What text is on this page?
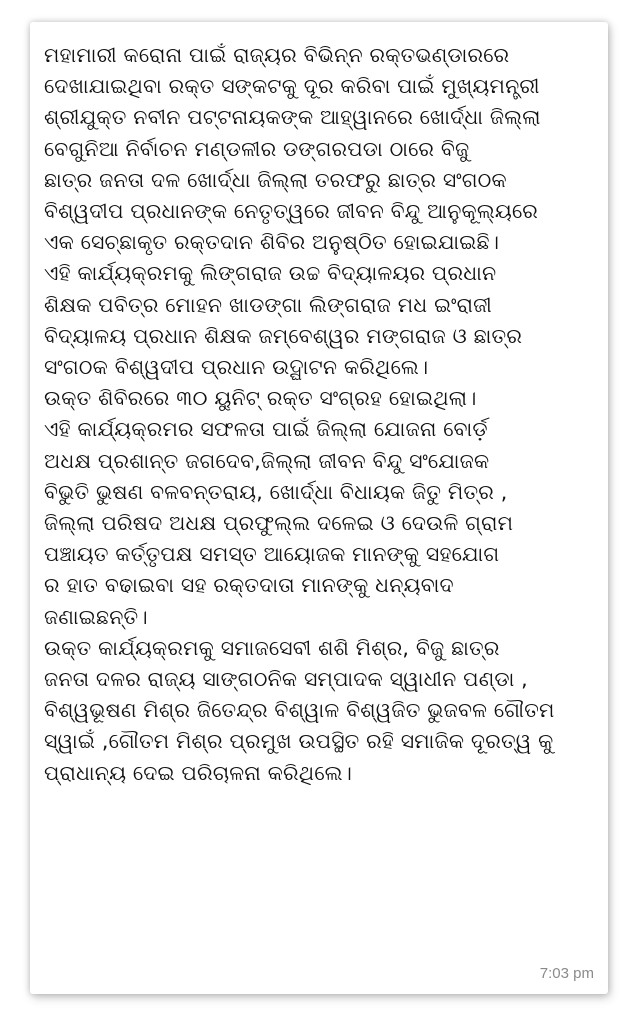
ମହାମାରୀ କରୋନା ପାଇଁ ରାଜ୍ୟର ବିଭିନ୍ନ ରକ୍ତଭଣ୍ଡାରରେ
ଦେଖାଯାଇଥିବା ରକ୍ତ ସଙ୍କଟକୁ ଦୂର କରିବା ପାଇଁ ମୁଖ୍ୟମନ୍ତ୍ରୀ
ଶ୍ରୀଯୁକ୍ତ ନବୀନ ପଟ୍ଟନାୟକଙ୍କ ଆହ୍ୱାନରେ ଖୋର୍ଦ୍ଧା ଜିଲ୍ଲା
ବେଗୁନିଆ ନିର୍ବାଚନ ମଣ୍ଡଳୀର ଡଙ୍ଗରପଡା ଠାରେ ବିଜୁ
ଛାତ୍ର ଜନତା ଦଳ ଖୋର୍ଦ୍ଧା ଜିଲ୍ଲା ତରଫରୁ ଛାତ୍ର ସଂଗଠକ
ବିଶ୍ୱଦୀପ ପ୍ରଧାନଙ୍କ ନେତୃତ୍ୱରେ ଜୀବନ ବିନ୍ଦୁ ଆନୁକୂଲ୍ୟରେ
ଏକ ସେଚ୍ଛାକୃତ ରକ୍ତଦାନ ଶିବିର ଅନୁଷ୍ଠିତ ହୋଇଯାଇଛି।
ଏହି କାର୍ଯ୍ୟକ୍ରମକୁ ଲିଙ୍ଗରାଜ ଉଚ୍ଚ ବିଦ୍ୟାଳୟର ପ୍ରଧାନ
ଶିକ୍ଷକ ପବିତ୍ର ମୋହନ ଖାଡଙ୍ଗା ଲିଙ୍ଗରାଜ ମଧ ଇଂରାଜୀ
ବିଦ୍ୟାଳୟ ପ୍ରଧାନ ଶିକ୍ଷକ ଜମ୍ବେଶ୍ୱର ମଙ୍ଗରାଜ ଓ ଛାତ୍ର
ସଂଗଠକ ବିଶ୍ୱଦୀପ ପ୍ରଧାନ ଉଦ୍ଘାଟନ କରିଥିଲେ।
ଉକ୍ତ ଶିବିରରେ ୩୦ ୟୁନିଟ୍ ରକ୍ତ ସଂଗ୍ରହ ହୋଇଥିଲା।
ଏହି କାର୍ଯ୍ୟକ୍ରମର ସଫଳତା ପାଇଁ ଜିଲ୍ଲା ଯୋଜନା ବୋର୍ଡ଼
ଅଧକ୍ଷ ପ୍ରଶାନ୍ତ ଜଗଦେବ,ଜିଲ୍ଲା ଜୀବନ ବିନ୍ଦୁ ସଂଯୋଜକ
ବିଭୁତି ଭୁଷଣ ବଳବନ୍ତରାୟ, ଖୋର୍ଦ୍ଧା ବିଧାୟକ ଜିତୁ ମିତ୍ର ,
ଜିଲ୍ଲା ପରିଷଦ ଅଧକ୍ଷ ପ୍ରଫୁଲ୍ଲ ଦଳେଇ ଓ ଦେଉଳି ଗ୍ରାମ
ପଞ୍ଚାୟତ କର୍ତ୍ତୃପକ୍ଷ ସମସ୍ତ ଆୟୋଜକ ମାନଙ୍କୁ ସହଯୋଗ
ର ହାତ ବଢାଇବା ସହ ରକ୍ତଦାତା ମାନଙ୍କୁ ଧନ୍ୟବାଦ
ଜଣାଇଛନ୍ତି।
ଉକ୍ତ କାର୍ଯ୍ୟକ୍ରମକୁ ସମାଜସେବୀ ଶଶି ମିଶ୍ର, ବିଜୁ ଛାତ୍ର
ଜନତା ଦଳର ରାଜ୍ୟ ସାଙ୍ଗଠନିକ ସମ୍ପାଦକ ସ୍ୱାଧୀନ ପଣ୍ଡା ,
ବିଶ୍ୱଭୂଷଣ ମିଶ୍ର ଜିତେନ୍ଦ୍ର ବିଶ୍ୱାଳ ବିଶ୍ୱଜିତ ଭୁଜବଳ ଗୌତମ
ସ୍ୱାଇଁ ,ଗୌତମ ମିଶ୍ର ପ୍ରମୁଖ ଉପସ୍ଥିତ ରହି ସମାଜିକ ଦୂରତ୍ୱ କୁ
ପ୍ରାଧାନ୍ୟ ଦେଇ ପରିଚାଳନା କରିଥିଲେ।

7:03 pm
